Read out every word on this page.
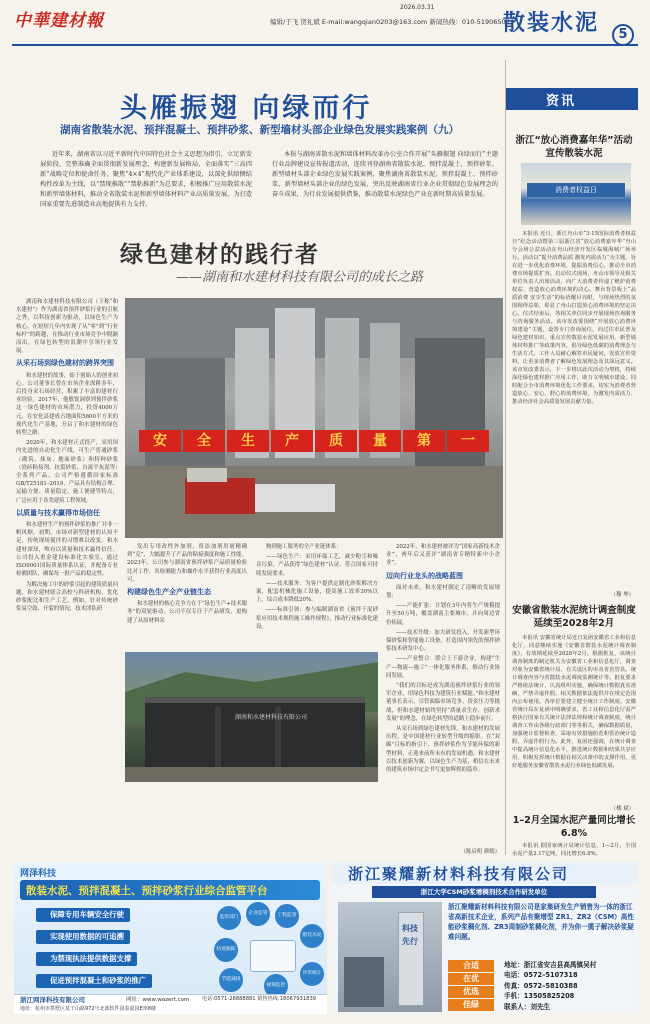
中華建材報
2026.03.31
编辑/于飞 贺礼斌 E-mail:wangqian0203@163.com 新闻热线：010-51906505
散装水泥	5
头雁振翅 向绿而行
湖南省散装水泥、预拌混凝土、预拌砂浆、新型墙材头部企业绿色发展实践案例（九）
近年来，湖南省以习近平新时代中国特色社会主义思想为指引，立足新发展阶段，完整准确全面贯彻新发展理念，构建新发展格局，全面落实“三高四新”战略定位和使命任务，聚焦“4×4”现代化产业体系建设，以深化供给侧结构性改革为主线，以“禁现推散”“禁粘推新”为总要求，积极推广应用散装水泥和新型墙体材料，推动全省散装水泥和新型墙体材料产业高质量发展，为打造国家重要先进制造业高地提供有力支持。
本报与湖南省散水泥和墙体材料改革办公室合作开展“头雁振翅 向绿而行”主题行业品牌建设宣传报道活动，连续刊登湖南省散装水泥、预拌混凝土、预拌砂浆、新型墙材头部企业绿色发展实践案例，聚焦湖南省散装水泥、预拌混凝土、预拌砂浆、新型墙材头部企业的绿色发展，突出反映湖南省行业企业贯彻绿色发展理念的奋斗成果，为行业发展提供借鉴，推动散装水泥绿色产业在新时期高质量发展。
绿色建材的践行者
——湖南和水建材科技有限公司的成长之路

湖南和水建材科技有限公司（下称“和水建材”）作为湖南省预拌砂浆行业的引航之秀，以科技创新为驱动，以绿色生产为核心，在短短几年内实现了从“零”到“行业标杆”的跨越，在推动行业市场竞争中脱颖而出，在绿色转型的浪潮中引领行业发展。

从采石场到绿色建材的跨界突围

和水建材的故事，始于创始人的创业初心。公司董事长曾在市场企业深耕多年，后投身采石场经营，积累了丰富的建材行业经验。2017年，他敏锐洞察到预拌砂浆这一绿色建材的市场潜力，投资4000万元，在安化县建成占地面积5800平方米的现代化生产基地，开启了和水建材的绿色转型之路。

2020年，和水建材正式投产，采用国内先进的自动化生产线，可生产普通砂浆（砌筑、抹灰、地面砂浆）和特种砂浆（瓷砖粘接剂、抗裂砂浆、自流平灰泥等）全系列产品。公司严格遵循国家标准GB/T25181–2019，产品具有结构合理、运输方便、质量稳定、施工便捷等特点，广泛应用于各类建筑工程领域。

以质量与技术赢得市场信任

和水建材生产的预拌砂浆的推广并非一帆风顺。初期，市场对新型建材的认知不足，传统现场搅拌的习惯难以改变。和水建材深知，唯有以质量和技术赢得信任。公司投入重金建设标准化实验室，通过ISO9001国际质量体系认证，并配备专业检测团队，确保每一批产品的稳定性。

为解决施工中的砂浆引起的建筑质量问题，和水建材联合高校与科研机构，优化砂浆配比和生产工艺，例如，针对传统砂浆易空鼓、开裂的情况，技术团队研

安	全	生	产	质	量	第	一

发出专用改性外加剂，将添加剂用量精确到“克”，大幅提升了产品的粘接强度和施工性能。2023年，公司参与湖南省预拌砂浆产品质量检验比对工作，其检测能力和操作水平获得行业高度认可。

构建绿色生产全产业链生态

和水建材的核心竞争力在于“绿色生产+技术服务”的双轮驱动。公司不仅专注于产品研发，更构建了从原材料采

购到施工服务的全产业链体系：

——绿色生产：采用环保工艺，减少粉尘和噪音污染，产品获得“绿色建材”认证，符合国家可持续发展要求。

——技术服务：为客户提供定制化砂浆解决方案，配套机械化施工设备，提高施工效率30%以上，综合成本降低20%。

——标准引领：参与编制湖南省《预拌干混砂浆应用技术规程施工操作规程》，推动行业标准化建设。

湖南和水建材科技有限公司

2022年，和水建材被评为“国家高新技术企业”，两年后又获评“湖南省专精特新中小企业”。

迈向行业龙头的战略蓝图

面对未来，和水建材制定了清晰的发展规划：

——产能扩张：计划在3年内将生产规模提升至50万吨，覆盖湖南主要城市，并向周边省份拓展。

——技术升级：加大研发投入，开发新型环保砂浆和智能施工设备，打造国内领先的预拌砂浆技术研发中心。

——产业整合：联合上下游企业，构建“生产—物流—施工”一体化服务体系，推动行业协同发展。

“我们的目标是成为湖南预拌砂浆行业的领军企业，用绿色科技为建筑行业赋能。”和水建材董事长表示。尽管面临市场竞争、资金压力等挑战，但和水建材始终坚持“质量求生存，创新求发展”的理念，在绿色转型的道路上稳步前行。

从采石场到绿色建材先锋，和水建材的发展历程，是中国建材行业转型升级的缩影。在“双碳”目标的指引下，预拌砂浆作为节能环保的新型材料，正迎来前所未有的发展机遇。和水建材以技术创新为翼，以绿色生产为基，相信在未来的建筑市场中定会书写更加辉煌的篇章。

（陈启明 颜嫣）
资讯
浙江“放心消费嘉年华”活动宣传散装水泥
消费者权益日

本报讯 近日，浙江舟山市“3·15国际消费者权益日”纪念活动暨第三届浙江省“放心消费嘉年华”舟山分会场公益活动在舟山经济开发区临城海城广场举行。活动以“提升消费品质 激发内需活力”为主题，旨在进一步优化消费环境，提振消费信心，推动全市消费市场提质扩容。启动仪式现场，舟山市领导及相关单位负责人出席活动，向广大消费者传递了维护消费权益、营造放心消费环境的决心。舞台背景板上“品质消费 安享生活”的标语醒目亮眼，与现场热烈的氛围相得益彰，彰显了舟山打造放心消费环境的坚定决心。仪式结束后，各相关单位同步开展现场咨询服务与咨询服务活动。该市发改委围绕“开展放心消费环境建设”主题，设置专门咨询展位，向过往市民普及绿色建材知识，重点宣传散装水泥发展应用、新型墙体材料推广等政策内容，倡导绿色低碳的消费理念与生活方式。工作人员耐心解答市民疑问，发放宣传资料，让更多消费者了解绿色发展理念及其深远意义。该市发改委表示，下一步将以此次活动为契机，持续深化绿色建材推广应用工作，助力文明城市建设，同时配合全市消费环境优化工作要求，切实为消费者营造放心、安心、舒心的消费环境，为激发内需活力、推动经济社会高质量发展贡献力量。

（穆 坤）
安徽省散装水泥统计调查制度延续至2028年2月

本报讯 安徽省统计局近日复函安徽省工业和信息化厅，同意继续实施《安徽省散装水泥统计调查制度》，有效期延续至2028年2月。根据批复，该统计调查制度的制定机关为安徽省工业和信息化厅，调查对象为安徽省统计局、有关设区的市及省直管县。统计调查内容与省散装水泥调度监测统计等。批复要求严格依法统计，认真组织实施，确保统计数据真实准确，严禁弄虚作假，相关数据依法提供并在规定范围内公布使用。各单位要建立健全统计工作制度。安徽省统计局在复函中明确要求，省工业和信息化厅需严格执行国家有关统计法律法规和统计调查制度，统计调查工作由各级行政部门等等相关，确保数据质量，加强统计监督检查，采取有效措施防范和惩治统计造假、弄虚作假行为。此外，复函还强调，在统计调查中提高统计信息化水平，推进统计数据和结果共享应用，积极发挥统计数据在相关决策中的支撑作用，更好地服务安徽省散装水泥行业绿色低碳发展。

（楼 斌）
1–2月全国水泥产量同比增长6.8%

本报讯 据国家统计局统计信息，1—2月，全国水泥产量2.17亿吨，同比增长6.8%。

网泽科技
散装水泥、预拌混凝土、预拌砂浆行业综合监管平台
保障专用车辆安全行驶
实现使用数据的可追溯
为禁现执法提供数据支撑
促进预拌混凝土和砂浆的推广
监管部门
企业监管	工程监管
散装水泥
异常统计
节能减排
轨迹跟踪
视频监控
浙江网泽科技有限公司	网址：www.wazert.com 电话:0571-28888881 销售热线:18067931839
地址：杭州市拱墅区莫干山路972号北部软件园泰嘉园E座8楼
浙江聚耀新材料科技有限公司
浙江大学CSM砂浆增稠剂技术合作研发单位
科技先行
浙江聚耀新材料科技有限公司是家集研发生产销售为一体的浙江省高新技术企业，系列产品有聚增型 ZR1、ZR2（CSM）高性能砂浆稠化剂、ZR3周制砂浆稠化剂，并为你一揽子解决砂浆疑难问题。
合适
在优
优选
佳绿
地址：浙江省安吉县高禹镇吴村
电话：0572–5107318
传真：0572–5810388
手机：13505825208
联系人：刘先生
